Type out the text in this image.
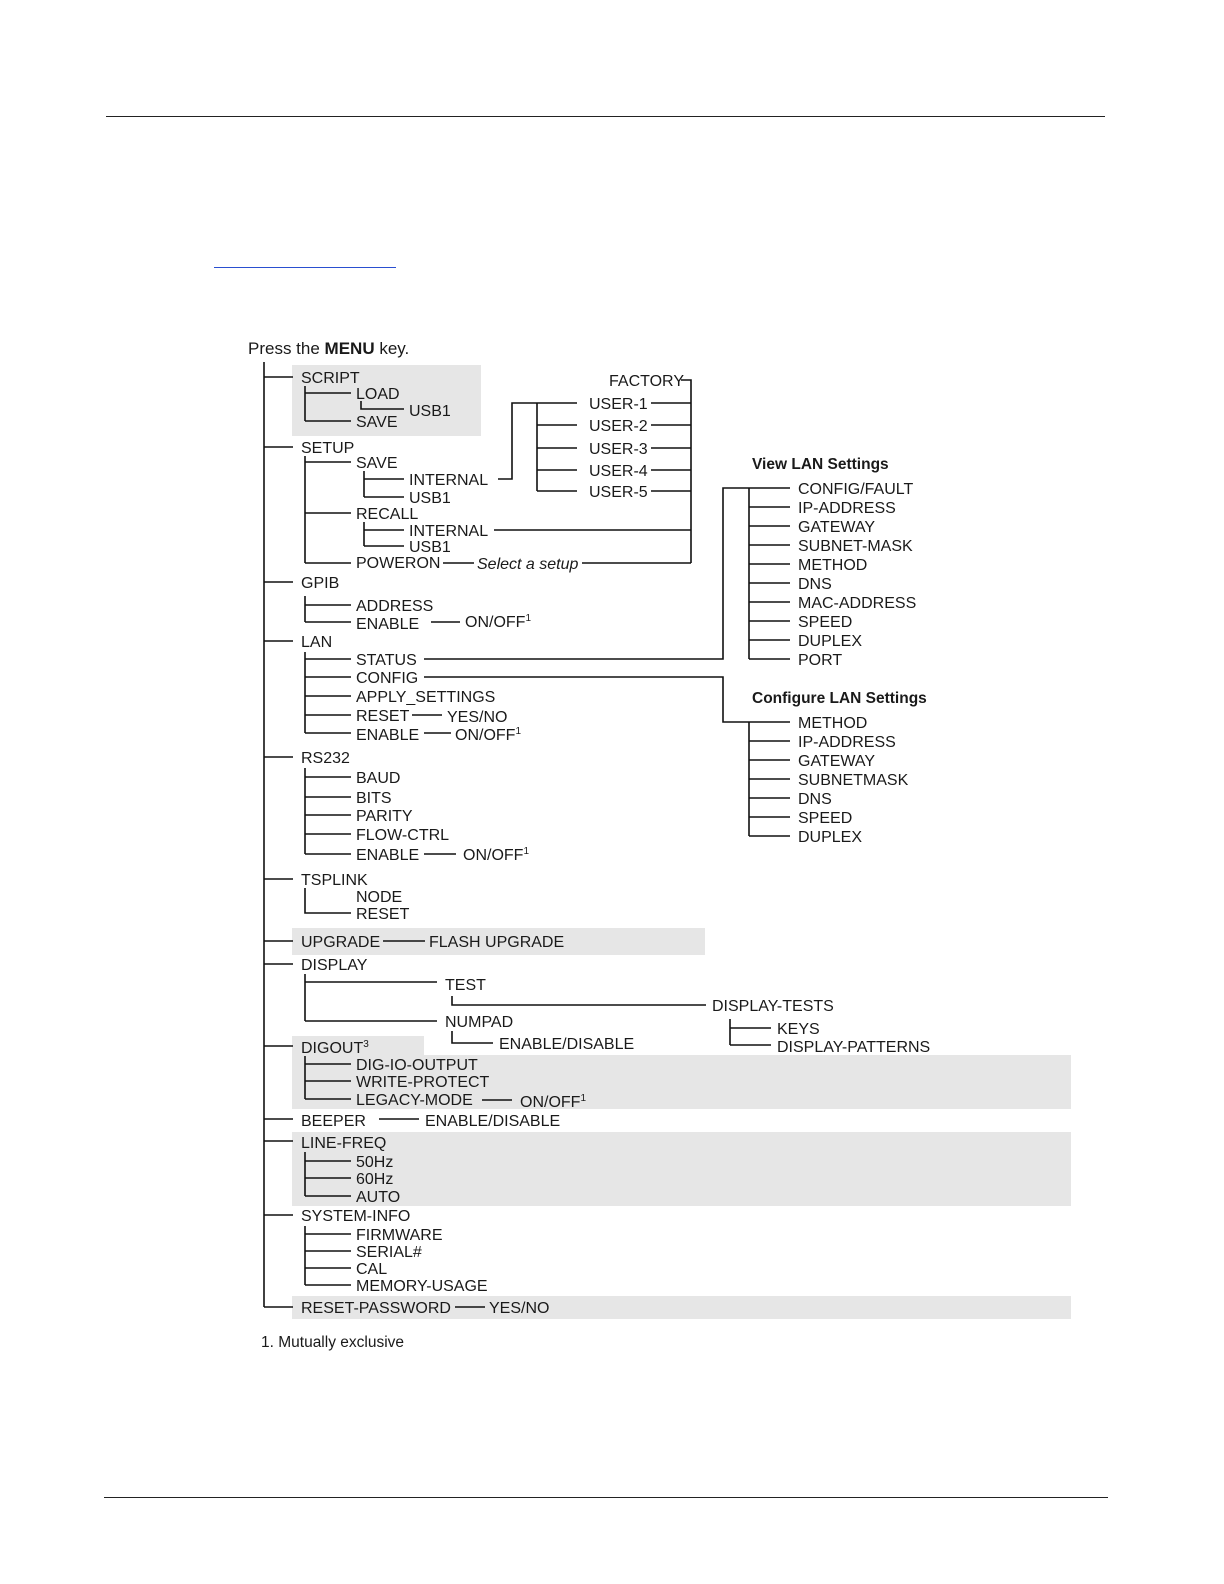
Press the MENU key.
SCRIPT
LOAD
USB1
SAVE
SETUP
SAVE
INTERNAL
USB1
RECALL
INTERNAL
USB1
POWERON Select a setup
FACTORY
USER-1
USER-2
USER-3
USER-4
USER-5
GPIB
ADDRESS
ENABLE	ON/OFF$^1$
LAN
STATUS
CONFIG
APPLY_SETTINGS
RESET YES/NO
ENABLE ON/OFF$^1$
View LAN Settings
CONFIG/FAULT
IP-ADDRESS
GATEWAY
SUBNET-MASK
METHOD
DNS
MAC-ADDRESS
SPEED
DUPLEX
PORT
Configure LAN Settings
METHOD
IP-ADDRESS
GATEWAY
SUBNETMASK
DNS
SPEED
DUPLEX
RS232
BAUD
BITS
PARITY
FLOW-CTRL
ENABLE	ON/OFF$^1$
TSPLINK
NODE
RESET
UPGRADE	FLASH UPGRADE
DISPLAY
TEST
DISPLAY-TESTS
KEYS
DISPLAY-PATTERNS
NUMPAD
ENABLE/DISABLE
DIGOUT$^3$
DIG-IO-OUTPUT
WRITE-PROTECT
LEGACY-MODE	ON/OFF$^1$
BEEPER	ENABLE/DISABLE
LINE-FREQ
50Hz
60Hz
AUTO
SYSTEM-INFO
FIRMWARE
SERIAL#
CAL
MEMORY-USAGE
RESET-PASSWORD YES/NO
1. Mutually exclusive
